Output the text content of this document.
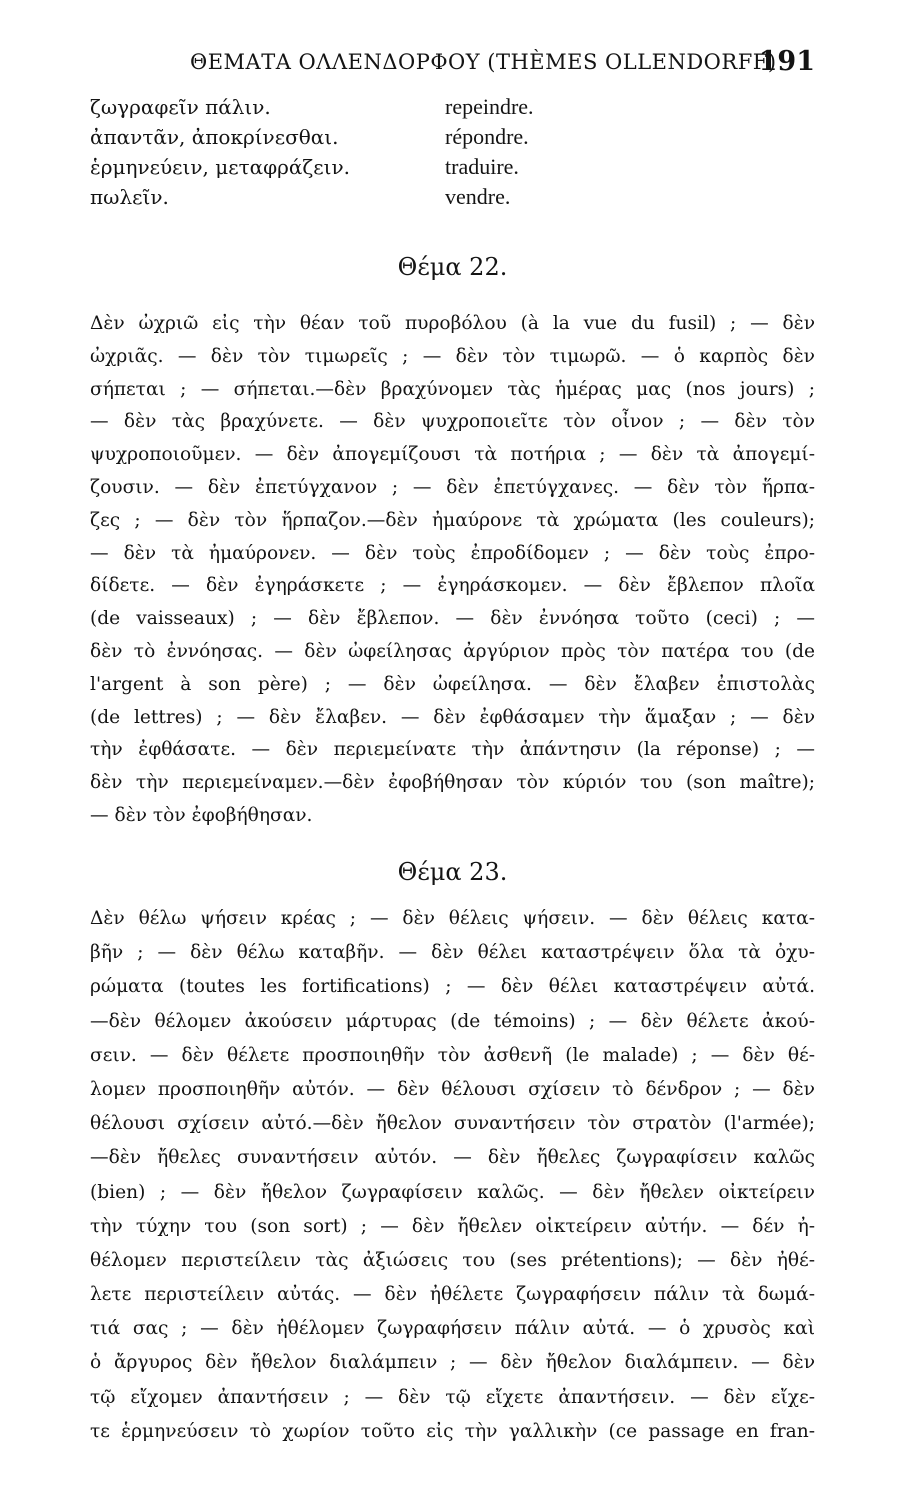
ΘΕΜΑΤΑ ΟΛΛΕΝΔΟΡΦΟΥ (THÈMES OLLENDORFF)
191
ζωγραφεῖν πάλιν.	repeindre.
ἀπαντᾶν, ἀποκρίνεσθαι.	répondre.
ἑρμηνεύειν, μεταφράζειν.	traduire.
πωλεῖν.	vendre.
Θέμα 22.
Δὲν ὠχριῶ εἰς τὴν θέαν τοῦ πυροβόλου (à la vue du fusil) ; — δὲν
ὠχριᾶς. — δὲν τὸν τιμωρεῖς ; — δὲν τὸν τιμωρῶ. — ὁ καρπὸς δὲν
σήπεται ; — σήπεται.—δὲν βραχύνομεν τὰς ἡμέρας μας (nos jours) ;
— δὲν τὰς βραχύνετε. — δὲν ψυχροποιεῖτε τὸν οἶνον ; — δὲν τὸν
ψυχροποιοῦμεν. — δὲν ἀπογεμίζουσι τὰ ποτήρια ; — δὲν τὰ ἀπογεμί-
ζουσιν. — δὲν ἐπετύγχανον ; — δὲν ἐπετύγχανες. — δὲν τὸν ἥρπα-
ζες ; — δὲν τὸν ἥρπαζον.—δὲν ἠμαύρονε τὰ χρώματα (les couleurs);
— δὲν τὰ ἠμαύρονεν. — δὲν τοὺς ἐπροδίδομεν ; — δὲν τοὺς ἐπρο-
δίδετε. — δὲν ἐγηράσκετε ; — ἐγηράσκομεν. — δὲν ἔβλεπον πλοῖα
(de vaisseaux) ; — δὲν ἔβλεπον. — δὲν ἐννόησα τοῦτο (ceci) ; —
δὲν τὸ ἐννόησας. — δὲν ὠφείλησας ἀργύριον πρὸς τὸν πατέρα του (de
l'argent à son père) ; — δὲν ὠφείλησα. — δὲν ἔλαβεν ἐπιστολὰς
(de lettres) ; — δὲν ἔλαβεν. — δὲν ἐφθάσαμεν τὴν ἅμαξαν ; — δὲν
τὴν ἐφθάσατε. — δὲν περιεμείνατε τὴν ἀπάντησιν (la réponse) ; —
δὲν τὴν περιεμείναμεν.—δὲν ἐφοβήθησαν τὸν κύριόν του (son maître);
— δὲν τὸν ἐφοβήθησαν.
Θέμα 23.
Δὲν θέλω ψήσειν κρέας ; — δὲν θέλεις ψήσειν. — δὲν θέλεις κατα-
βῆν ; — δὲν θέλω καταβῆν. — δὲν θέλει καταστρέψειν ὅλα τὰ ὀχυ-
ρώματα (toutes les fortifications) ; — δὲν θέλει καταστρέψειν αὐτά.
—δὲν θέλομεν ἀκούσειν μάρτυρας (de témoins) ; — δὲν θέλετε ἀκού-
σειν. — δὲν θέλετε προσποιηθῆν τὸν ἀσθενῆ (le malade) ; — δὲν θέ-
λομεν προσποιηθῆν αὐτόν. — δὲν θέλουσι σχίσειν τὸ δένδρον ; — δὲν
θέλουσι σχίσειν αὐτό.—δὲν ἤθελον συναντήσειν τὸν στρατὸν (l'armée);
—δὲν ἤθελες συναντήσειν αὐτόν. — δὲν ἤθελες ζωγραφίσειν καλῶς
(bien) ; — δὲν ἤθελον ζωγραφίσειν καλῶς. — δὲν ἤθελεν οἰκτείρειν
τὴν τύχην του (son sort) ; — δὲν ἤθελεν οἰκτείρειν αὐτήν. — δέν ἠ-
θέλομεν περιστείλειν τὰς ἀξιώσεις του (ses prétentions); — δὲν ἠθέ-
λετε περιστείλειν αὐτάς. — δὲν ἠθέλετε ζωγραφήσειν πάλιν τὰ δωμά-
τιά σας ; — δὲν ἠθέλομεν ζωγραφήσειν πάλιν αὐτά. — ὁ χρυσὸς καὶ
ὁ ἄργυρος δὲν ἤθελον διαλάμπειν ; — δὲν ἤθελον διαλάμπειν. — δὲν
τῷ εἴχομεν ἀπαντήσειν ; — δὲν τῷ εἴχετε ἀπαντήσειν. — δὲν εἴχε-
τε ἑρμηνεύσειν τὸ χωρίον τοῦτο εἰς τὴν γαλλικὴν (ce passage en fran-
